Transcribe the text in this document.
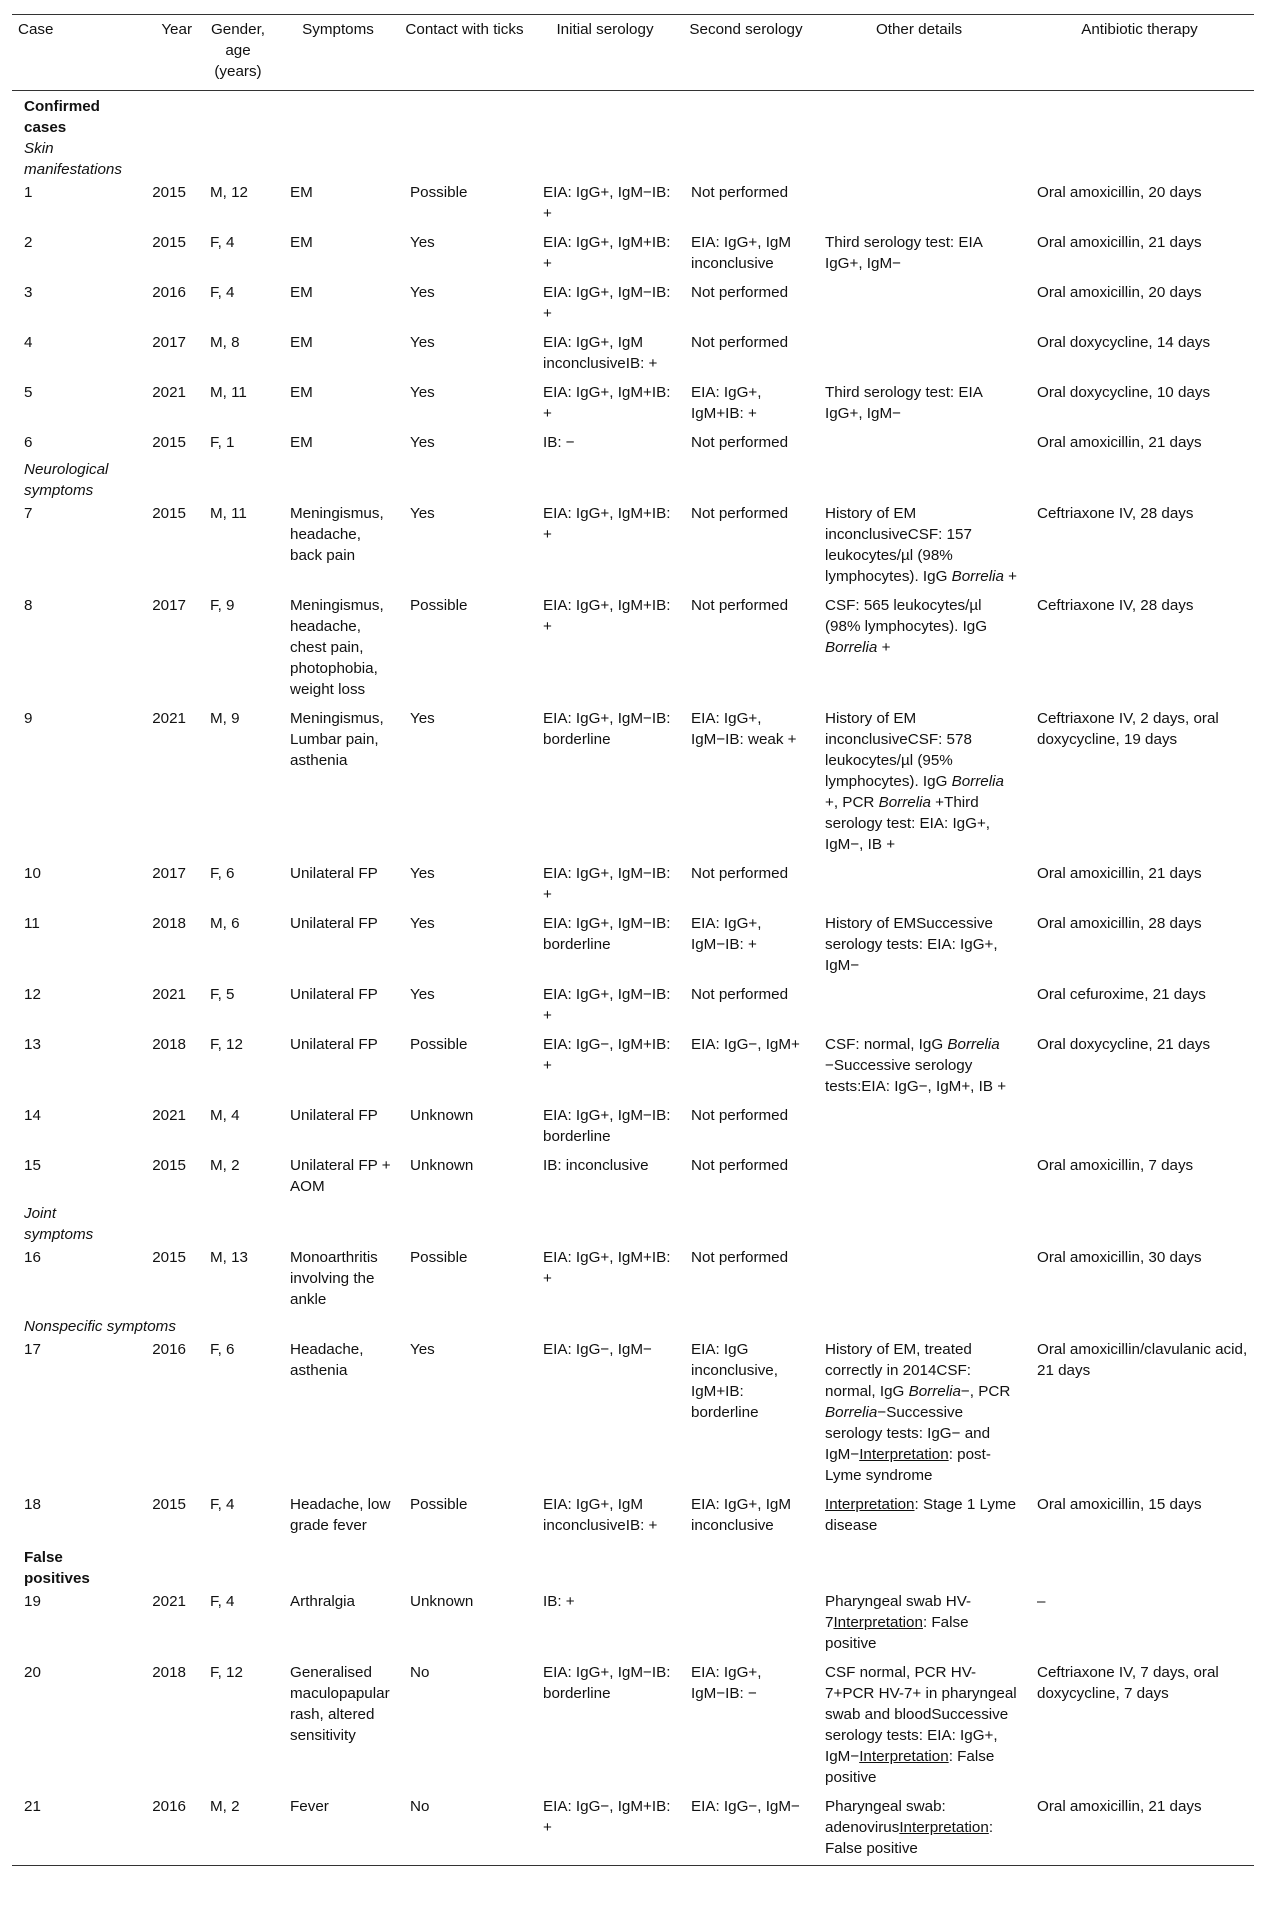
Case	Year	Gender, age (years)	Symptoms	Contact with ticks	Initial serology	Second serology	Other details	Antibiotic therapy
Confirmed cases								
Skin manifestations								
1	2015	M, 12	EM	Possible	EIA: IgG+, IgM−IB: +	Not performed		Oral amoxicillin, 20 days
2	2015	F, 4	EM	Yes	EIA: IgG+, IgM+IB: +	EIA: IgG+, IgM inconclusive	Third serology test: EIA IgG+, IgM−	Oral amoxicillin, 21 days
3	2016	F, 4	EM	Yes	EIA: IgG+, IgM−IB: +	Not performed		Oral amoxicillin, 20 days
4	2017	M, 8	EM	Yes	EIA: IgG+, IgM inconclusiveIB: +	Not performed		Oral doxycycline, 14 days
5	2021	M, 11	EM	Yes	EIA: IgG+, IgM+IB: +	EIA: IgG+, IgM+IB: +	Third serology test: EIA IgG+, IgM−	Oral doxycycline, 10 days
6	2015	F, 1	EM	Yes	IB: −	Not performed		Oral amoxicillin, 21 days
Neurological symptoms								
7	2015	M, 11	Meningismus, headache, back pain	Yes	EIA: IgG+, IgM+IB: +	Not performed	History of EM inconclusiveCSF: 157 leukocytes/µl (98% lymphocytes). IgG Borrelia +	Ceftriaxone IV, 28 days
8	2017	F, 9	Meningismus, headache, chest pain, photophobia, weight loss	Possible	EIA: IgG+, IgM+IB: +	Not performed	CSF: 565 leukocytes/µl (98% lymphocytes). IgG Borrelia +	Ceftriaxone IV, 28 days
9	2021	M, 9	Meningismus, Lumbar pain, asthenia	Yes	EIA: IgG+, IgM−IB: borderline	EIA: IgG+, IgM−IB: weak +	History of EM inconclusiveCSF: 578 leukocytes/µl (95% lymphocytes). IgG Borrelia +, PCR Borrelia +Third serology test: EIA: IgG+, IgM−, IB +	Ceftriaxone IV, 2 days, oral doxycycline, 19 days
10	2017	F, 6	Unilateral FP	Yes	EIA: IgG+, IgM−IB: +	Not performed		Oral amoxicillin, 21 days
11	2018	M, 6	Unilateral FP	Yes	EIA: IgG+, IgM−IB: borderline	EIA: IgG+, IgM−IB: +	History of EMSuccessive serology tests: EIA: IgG+, IgM−	Oral amoxicillin, 28 days
12	2021	F, 5	Unilateral FP	Yes	EIA: IgG+, IgM−IB: +	Not performed		Oral cefuroxime, 21 days
13	2018	F, 12	Unilateral FP	Possible	EIA: IgG−, IgM+IB: +	EIA: IgG−, IgM+	CSF: normal, IgG Borrelia −Successive serology tests:EIA: IgG−, IgM+, IB +	Oral doxycycline, 21 days
14	2021	M, 4	Unilateral FP	Unknown	EIA: IgG+, IgM−IB: borderline	Not performed		
15	2015	M, 2	Unilateral FP + AOM	Unknown	IB: inconclusive	Not performed		Oral amoxicillin, 7 days
Joint symptoms								
16	2015	M, 13	Monoarthritis involving the ankle	Possible	EIA: IgG+, IgM+IB: +	Not performed		Oral amoxicillin, 30 days
Nonspecific symptoms								
17	2016	F, 6	Headache, asthenia	Yes	EIA: IgG−, IgM−	EIA: IgG inconclusive, IgM+IB: borderline	History of EM, treated correctly in 2014CSF: normal, IgG Borrelia−, PCR Borrelia−Successive serology tests: IgG− and IgM−Interpretation: post-Lyme syndrome	Oral amoxicillin/clavulanic acid, 21 days
18	2015	F, 4	Headache, low grade fever	Possible	EIA: IgG+, IgM inconclusiveIB: +	EIA: IgG+, IgM inconclusive	Interpretation: Stage 1 Lyme disease	Oral amoxicillin, 15 days
False positives								
19	2021	F, 4	Arthralgia	Unknown	IB: +		Pharyngeal swab HV-7Interpretation: False positive	–
20	2018	F, 12	Generalised maculopapular rash, altered sensitivity	No	EIA: IgG+, IgM−IB: borderline	EIA: IgG+, IgM−IB: −	CSF normal, PCR HV-7+PCR HV-7+ in pharyngeal swab and bloodSuccessive serology tests: EIA: IgG+, IgM−Interpretation: False positive	Ceftriaxone IV, 7 days, oral doxycycline, 7 days
21	2016	M, 2	Fever	No	EIA: IgG−, IgM+IB: +	EIA: IgG−, IgM−	Pharyngeal swab: adenovirusInterpretation: False positive	Oral amoxicillin, 21 days
